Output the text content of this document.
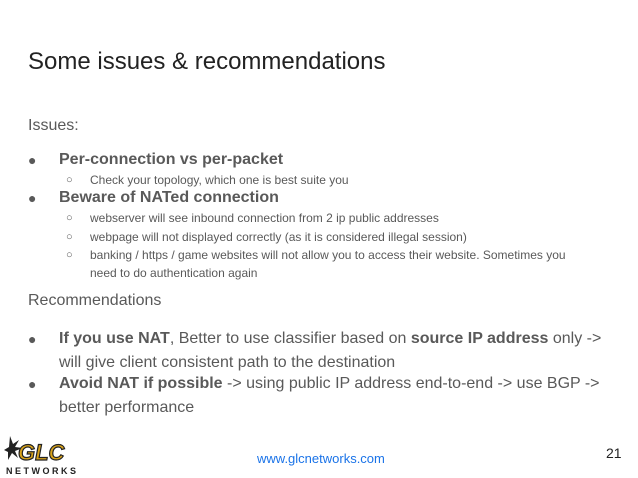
Some issues & recommendations
Issues:
● Per-connection vs per-packet
○ Check your topology, which one is best suite you
● Beware of NATed connection
○ webserver will see inbound connection from 2 ip public addresses
○ webpage will not displayed correctly (as it is considered illegal session)
○ banking / https / game websites will not allow you to access their website. Sometimes you
need to do authentication again
Recommendations
● If you use NAT, Better to use classifier based on source IP address only ->
will give client consistent path to the destination
● Avoid NAT if possible -> using public IP address end-to-end -> use BGP ->
better performance
GLC
N E T W O R K S
www.glcnetworks.com	21
